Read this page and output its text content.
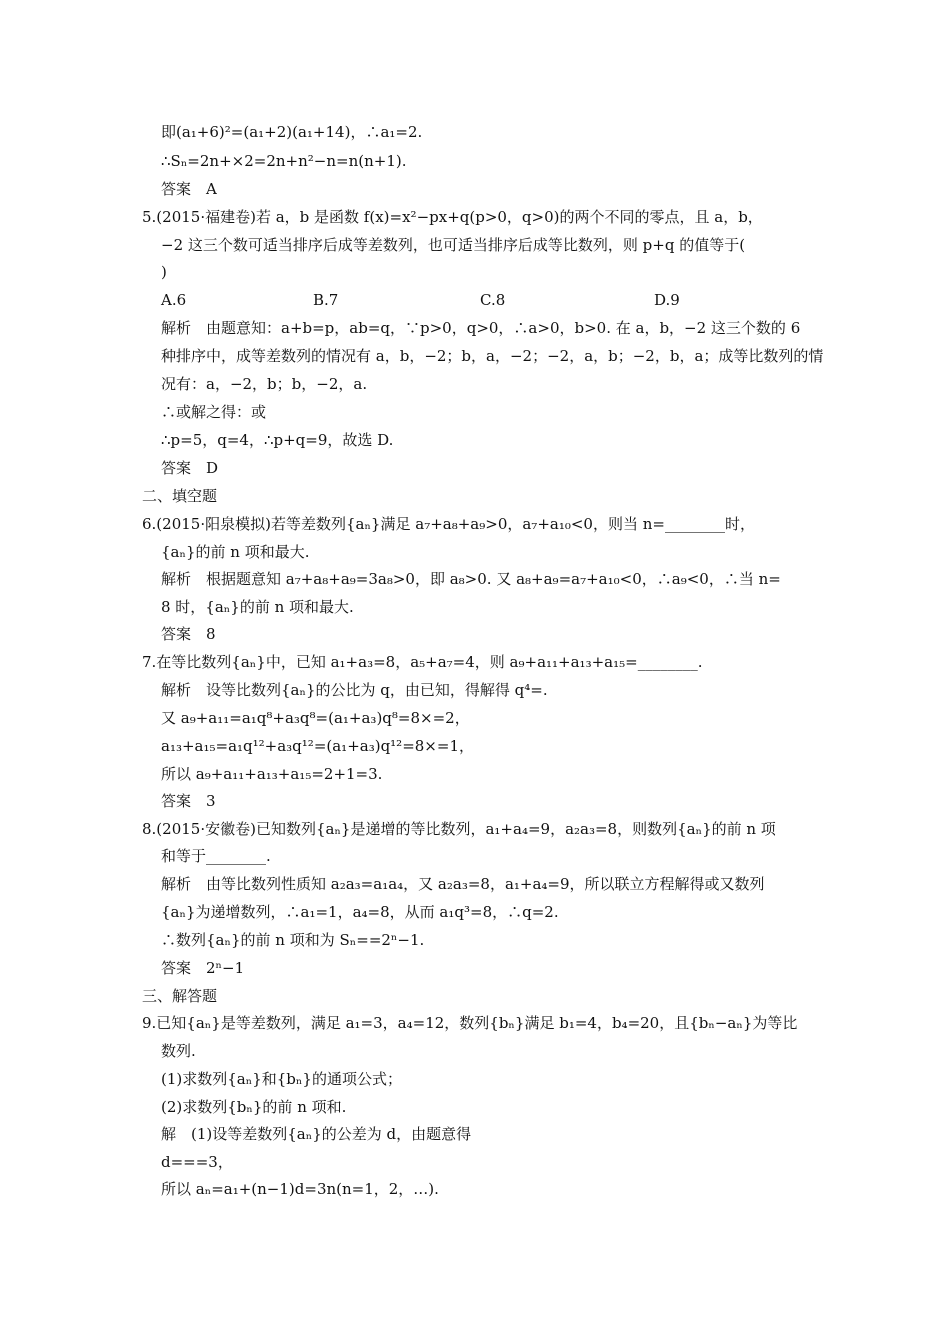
即(a₁+6)²=(a₁+2)(a₁+14)，∴a₁=2.
∴Sₙ=2n+×2=2n+n²−n=n(n+1).
答案　A
5.(2015·福建卷)若 a，b 是函数 f(x)=x²−px+q(p>0，q>0)的两个不同的零点，且 a，b，
−2 这三个数可适当排序后成等差数列，也可适当排序后成等比数列，则 p+q 的值等于(
)
A.6	B.7	C.8	D.9
解析　由题意知：a+b=p，ab=q，∵p>0，q>0，∴a>0，b>0. 在 a，b，−2 这三个数的 6
种排序中，成等差数列的情况有 a，b，−2；b，a，−2；−2，a，b；−2，b，a；成等比数列的情
况有：a，−2，b；b，−2，a.
∴或解之得：或
∴p=5，q=4，∴p+q=9，故选 D.
答案　D
二、填空题
6.(2015·阳泉模拟)若等差数列{aₙ}满足 a₇+a₈+a₉>0，a₇+a₁₀<0，则当 n=________时，
{aₙ}的前 n 项和最大.
解析　根据题意知 a₇+a₈+a₉=3a₈>0，即 a₈>0. 又 a₈+a₉=a₇+a₁₀<0，∴a₉<0，∴当 n=
8 时，{aₙ}的前 n 项和最大.
答案　8
7.在等比数列{aₙ}中，已知 a₁+a₃=8，a₅+a₇=4，则 a₉+a₁₁+a₁₃+a₁₅=________.
解析　设等比数列{aₙ}的公比为 q，由已知，得解得 q⁴=.
又 a₉+a₁₁=a₁q⁸+a₃q⁸=(a₁+a₃)q⁸=8×=2，
a₁₃+a₁₅=a₁q¹²+a₃q¹²=(a₁+a₃)q¹²=8×=1，
所以 a₉+a₁₁+a₁₃+a₁₅=2+1=3.
答案　3
8.(2015·安徽卷)已知数列{aₙ}是递增的等比数列，a₁+a₄=9，a₂a₃=8，则数列{aₙ}的前 n 项
和等于________.
解析　由等比数列性质知 a₂a₃=a₁a₄，又 a₂a₃=8，a₁+a₄=9，所以联立方程解得或又数列
{aₙ}为递增数列，∴a₁=1，a₄=8，从而 a₁q³=8，∴q=2.
∴数列{aₙ}的前 n 项和为 Sₙ==2ⁿ−1.
答案　2ⁿ−1
三、解答题
9.已知{aₙ}是等差数列，满足 a₁=3，a₄=12，数列{bₙ}满足 b₁=4，b₄=20，且{bₙ−aₙ}为等比
数列.
(1)求数列{aₙ}和{bₙ}的通项公式；
(2)求数列{bₙ}的前 n 项和.
解　(1)设等差数列{aₙ}的公差为 d，由题意得
d===3，
所以 aₙ=a₁+(n−1)d=3n(n=1，2，…).
